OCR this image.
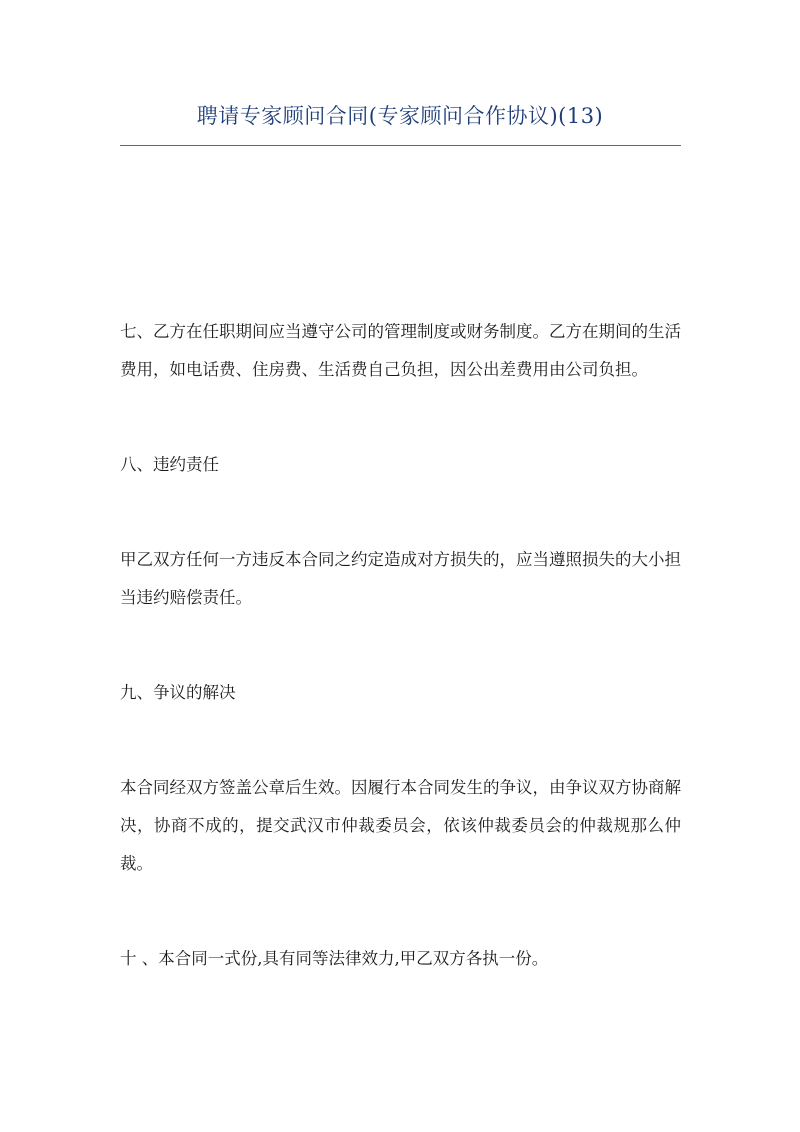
聘请专家顾问合同(专家顾问合作协议)(13)

七、乙方在任职期间应当遵守公司的管理制度或财务制度。乙方在期间的生活费用，如电话费、住房费、生活费自己负担，因公出差费用由公司负担。

八、违约责任

甲乙双方任何一方违反本合同之约定造成对方损失的，应当遵照损失的大小担当违约赔偿责任。

九、争议的解决

本合同经双方签盖公章后生效。因履行本合同发生的争议，由争议双方协商解决，协商不成的，提交武汉市仲裁委员会，依该仲裁委员会的仲裁规那么仲裁。

十 、本合同一式份,具有同等法律效力,甲乙双方各执一份。
